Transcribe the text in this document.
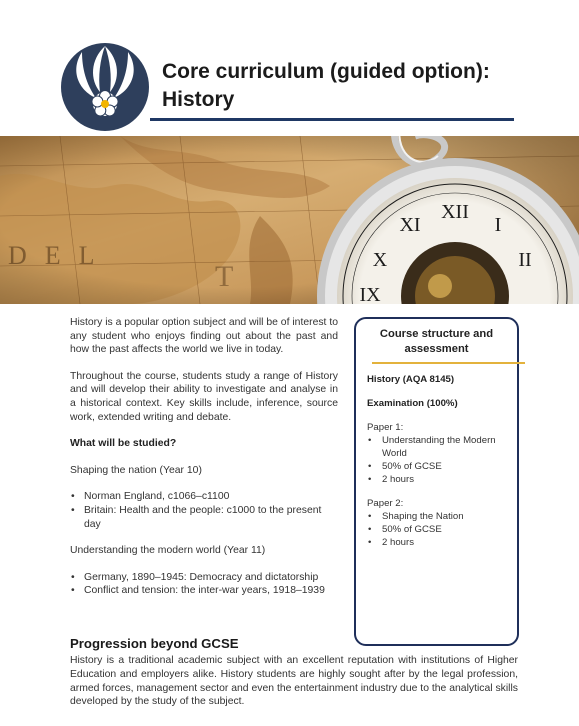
Core curriculum (guided option):
History
XII
I
II
XI
X
IX

History is a popular option subject and will be of interest to any student who enjoys finding out about the past and how the past affects the world we live in today.

Throughout the course, students study a range of History and will develop their ability to investigate and analyse in a historical context. Key skills include, inference, source work, extended writing and debate.

What will be studied?

Shaping the nation (Year 10)

• Norman England, c1066–c1100
• Britain: Health and the people: c1000 to the present day

Understanding the modern world (Year 11)

• Germany, 1890–1945: Democracy and dictatorship
• Conflict and tension: the inter-war years, 1918–1939
Course structure and assessment

History (AQA 8145)

Examination (100%)

Paper 1:
• Understanding the Modern World
• 50% of GCSE
• 2 hours
Paper 2:
• Shaping the Nation
• 50% of GCSE
• 2 hours
Progression beyond GCSE
History is a traditional academic subject with an excellent reputation with institutions of Higher Education and employers alike. History students are highly sought after by the legal profession, armed forces, management sector and even the entertainment industry due to the analytical skills developed by the study of the subject.
